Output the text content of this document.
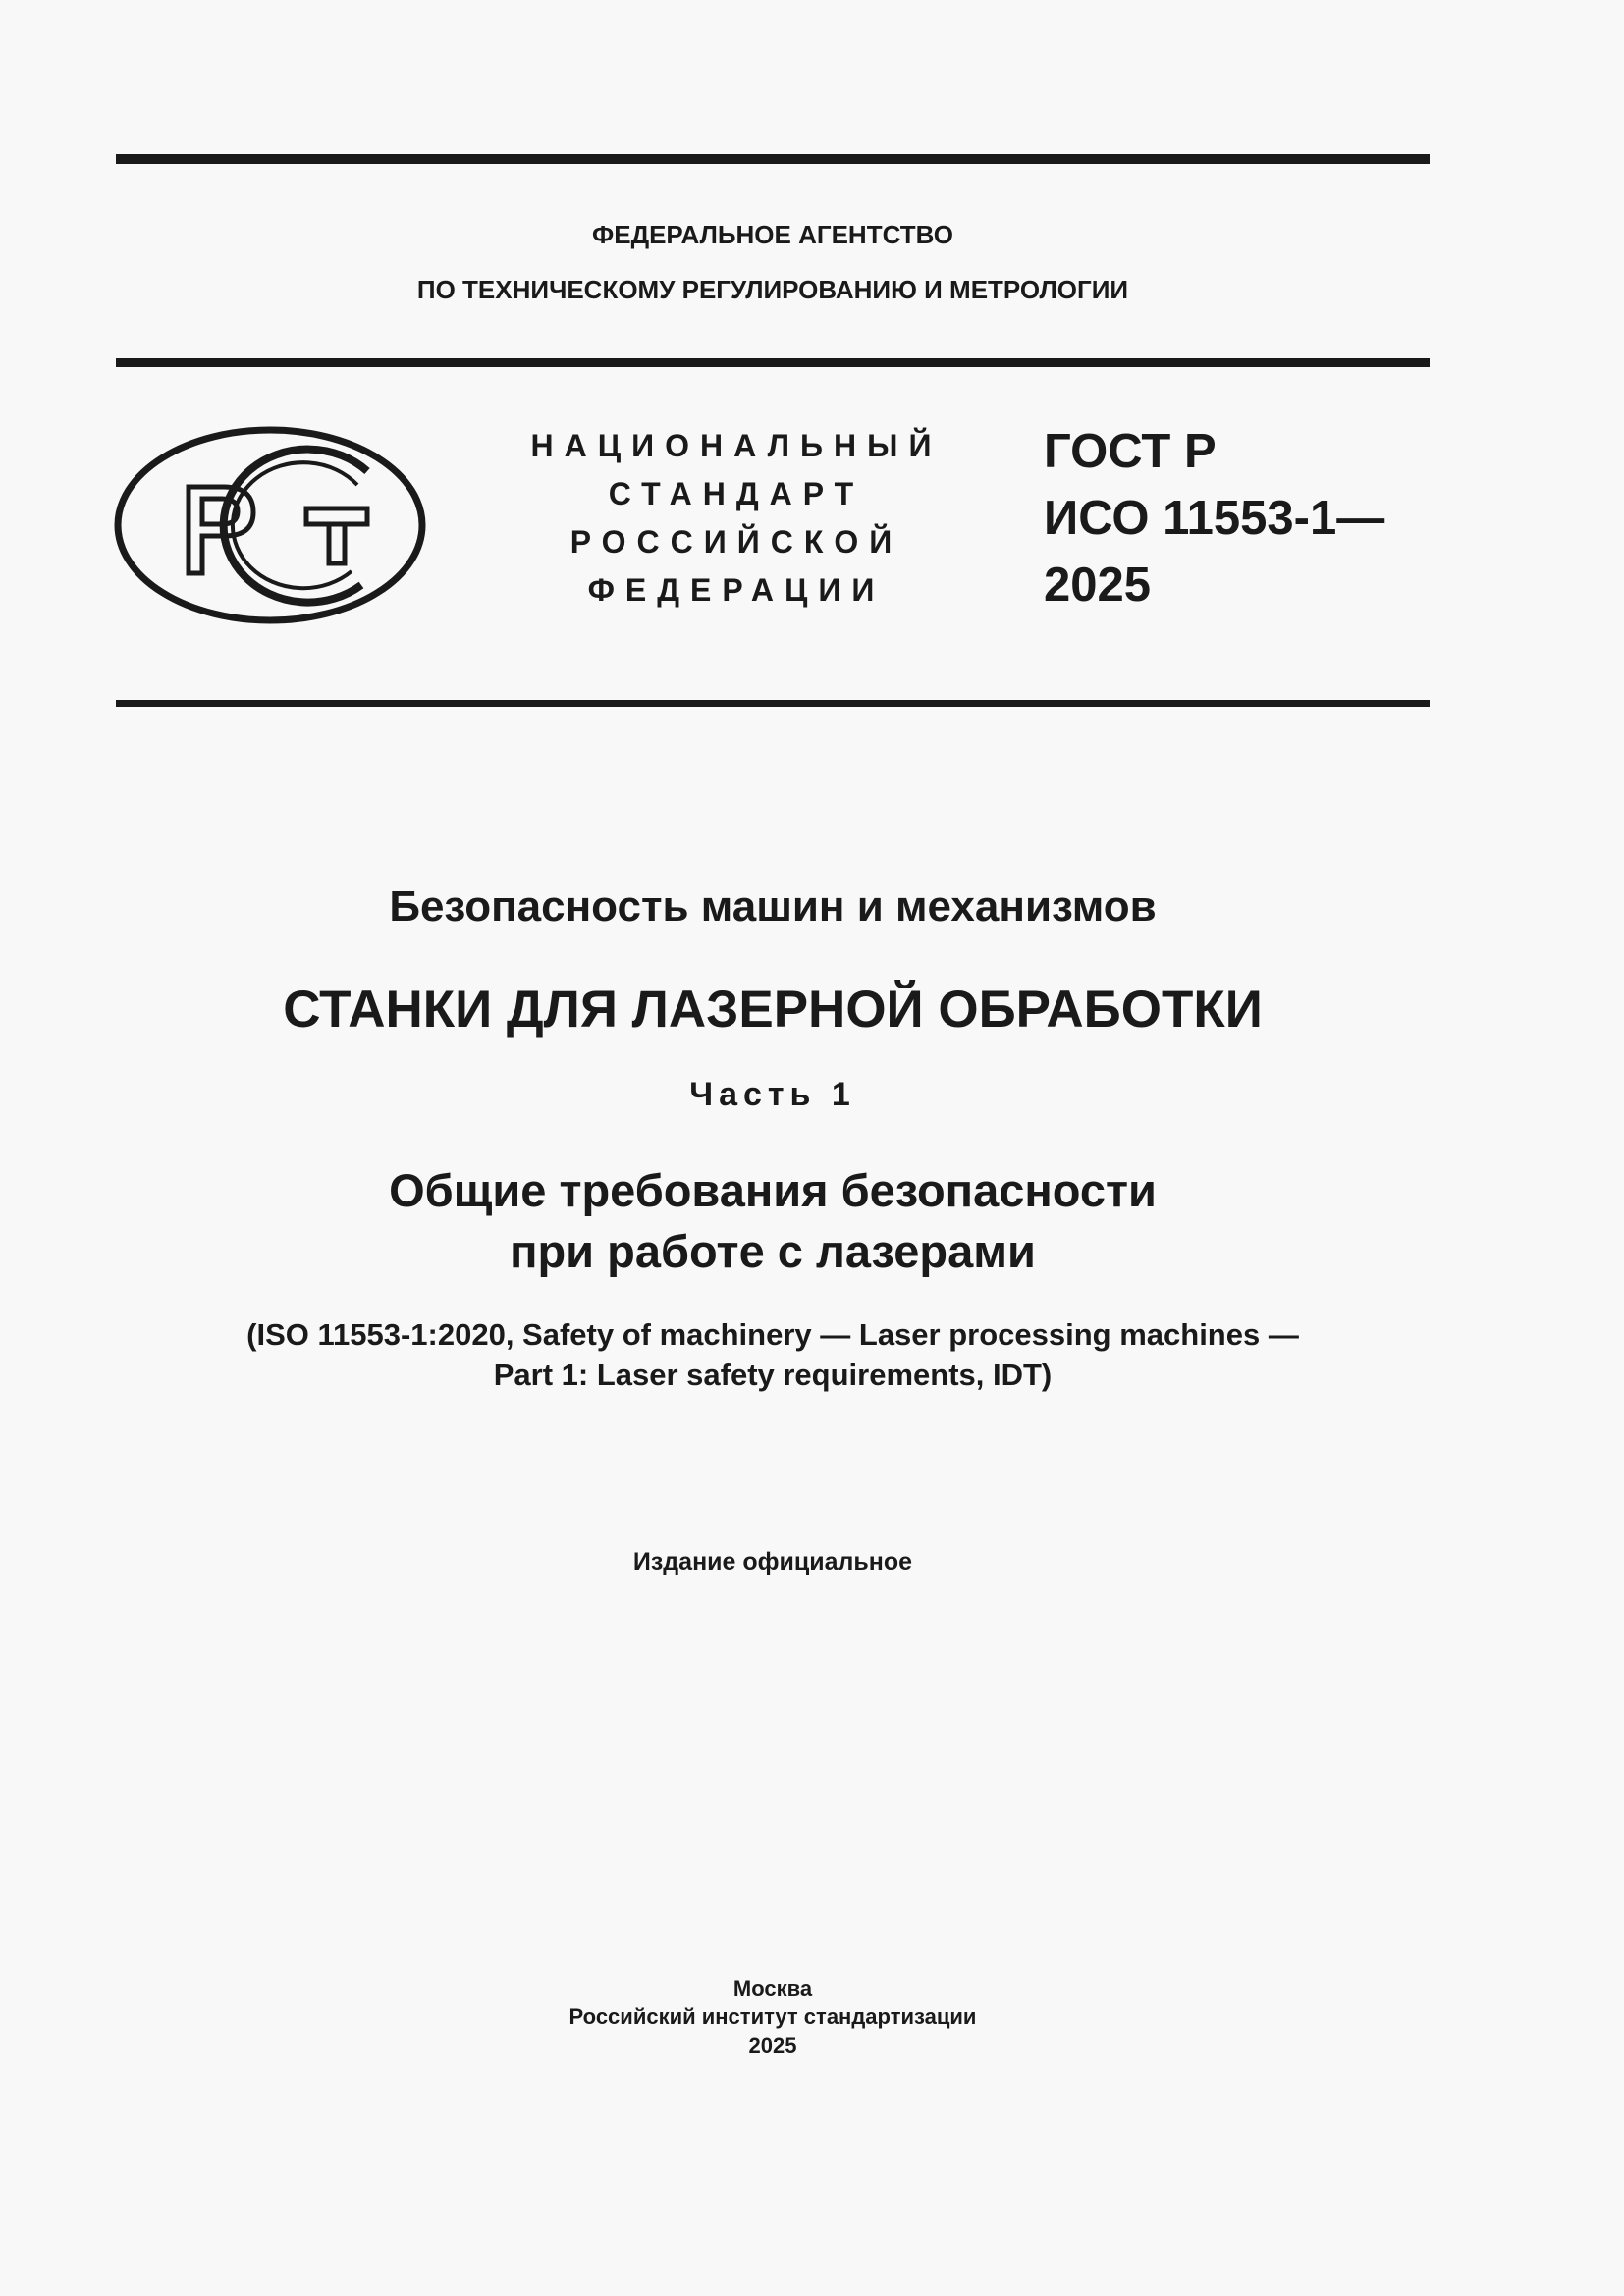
ФЕДЕРАЛЬНОЕ АГЕНТСТВО
ПО ТЕХНИЧЕСКОМУ РЕГУЛИРОВАНИЮ И МЕТРОЛОГИИ
НАЦИОНАЛЬНЫЙ
СТАНДАРТ
РОССИЙСКОЙ
ФЕДЕРАЦИИ
ГОСТ Р
ИСО 11553-1—
2025
Безопасность машин и механизмов
СТАНКИ ДЛЯ ЛАЗЕРНОЙ ОБРАБОТКИ
Часть 1
Общие требования безопасности
при работе с лазерами
(ISO 11553-1:2020, Safety of machinery — Laser processing machines —
Part 1: Laser safety requirements, IDT)
Издание официальное
Москва
Российский институт стандартизации
2025
